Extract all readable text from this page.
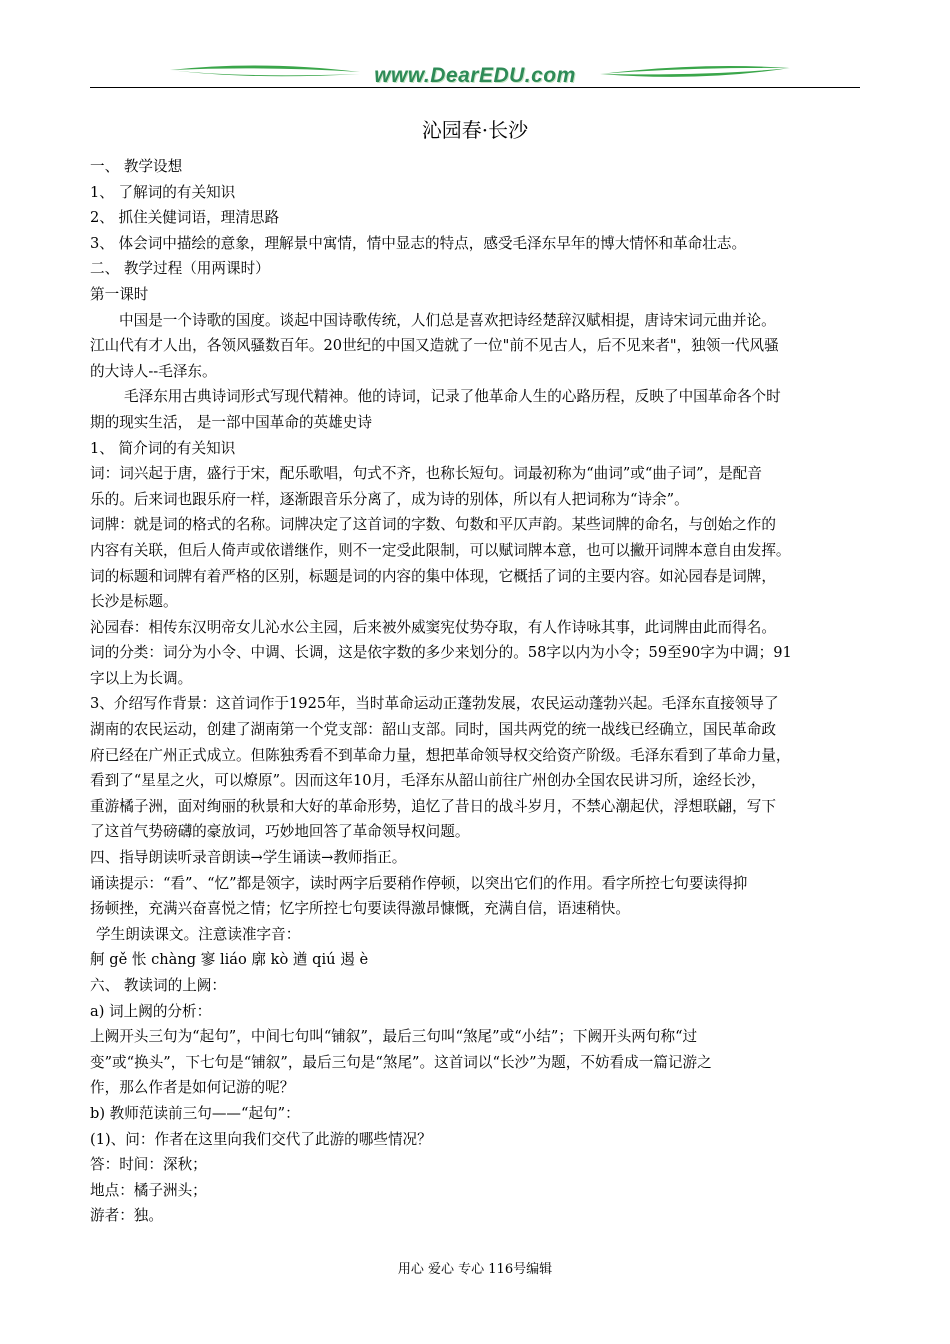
www.DearEDU.com
沁园春·长沙

一、 教学设想

1、 了解词的有关知识

2、 抓住关健词语，理清思路

3、 体会词中描绘的意象，理解景中寓情，情中显志的特点，感受毛泽东早年的博大情怀和革命壮志。

二、 教学过程（用两课时）

第一课时

中国是一个诗歌的国度。谈起中国诗歌传统，人们总是喜欢把诗经楚辞汉赋相提，唐诗宋词元曲并论。

江山代有才人出，各领风骚数百年。20世纪的中国又造就了一位"前不见古人，后不见来者"，独领一代风骚

的大诗人--毛泽东。

毛泽东用古典诗词形式写现代精神。他的诗词，记录了他革命人生的心路历程，反映了中国革命各个时

期的现实生活， 是一部中国革命的英雄史诗

1、 简介词的有关知识

词：词兴起于唐，盛行于宋，配乐歌唱，句式不齐，也称长短句。词最初称为“曲词”或“曲子词”，是配音

乐的。后来词也跟乐府一样，逐渐跟音乐分离了，成为诗的别体，所以有人把词称为“诗余”。

词牌：就是词的格式的名称。词牌决定了这首词的字数、句数和平仄声韵。某些词牌的命名，与创始之作的

内容有关联，但后人倚声或依谱继作，则不一定受此限制，可以赋词牌本意，也可以撇开词牌本意自由发挥。

词的标题和词牌有着严格的区别，标题是词的内容的集中体现，它概括了词的主要内容。如沁园春是词牌，

长沙是标题。

沁园春：相传东汉明帝女儿沁水公主园，后来被外威窦宪仗势夺取，有人作诗咏其事，此词牌由此而得名。

词的分类：词分为小令、中调、长调，这是依字数的多少来划分的。58字以内为小令；59至90字为中调；91

字以上为长调。

3、介绍写作背景：这首词作于1925年，当时革命运动正蓬勃发展，农民运动蓬勃兴起。毛泽东直接领导了

湖南的农民运动，创建了湖南第一个党支部：韶山支部。同时，国共两党的统一战线已经确立，国民革命政

府已经在广州正式成立。但陈独秀看不到革命力量，想把革命领导权交给资产阶级。毛泽东看到了革命力量，

看到了“星星之火，可以燎原”。因而这年10月，毛泽东从韶山前往广州创办全国农民讲习所，途经长沙，

重游橘子洲，面对绚丽的秋景和大好的革命形势，追忆了昔日的战斗岁月，不禁心潮起伏，浮想联翩，写下

了这首气势磅礴的豪放词，巧妙地回答了革命领导权问题。

四、指导朗读听录音朗读→学生诵读→教师指正。

诵读提示：“看”、“忆”都是领字，读时两字后要稍作停顿，以突出它们的作用。看字所控七句要读得抑

扬顿挫，充满兴奋喜悦之情；忆字所控七句要读得激昂慷慨，充满自信，语速稍快。

学生朗读课文。注意读准字音：

舸 gě 怅 chàng 寥 liáo 廓 kò 遒 qiú 遏 è

六、 教读词的上阙：

a) 词上阙的分析：

上阙开头三句为“起句”，中间七句叫“铺叙”，最后三句叫“煞尾”或“小结”；下阙开头两句称“过

变”或“换头”，下七句是“铺叙”，最后三句是“煞尾”。这首词以“长沙”为题，不妨看成一篇记游之

作，那么作者是如何记游的呢？

b) 教师范读前三句——“起句”：

(1)、问：作者在这里向我们交代了此游的哪些情况？

答：时间：深秋；

地点：橘子洲头；

游者：独。

用心 爱心 专心 116号编辑
